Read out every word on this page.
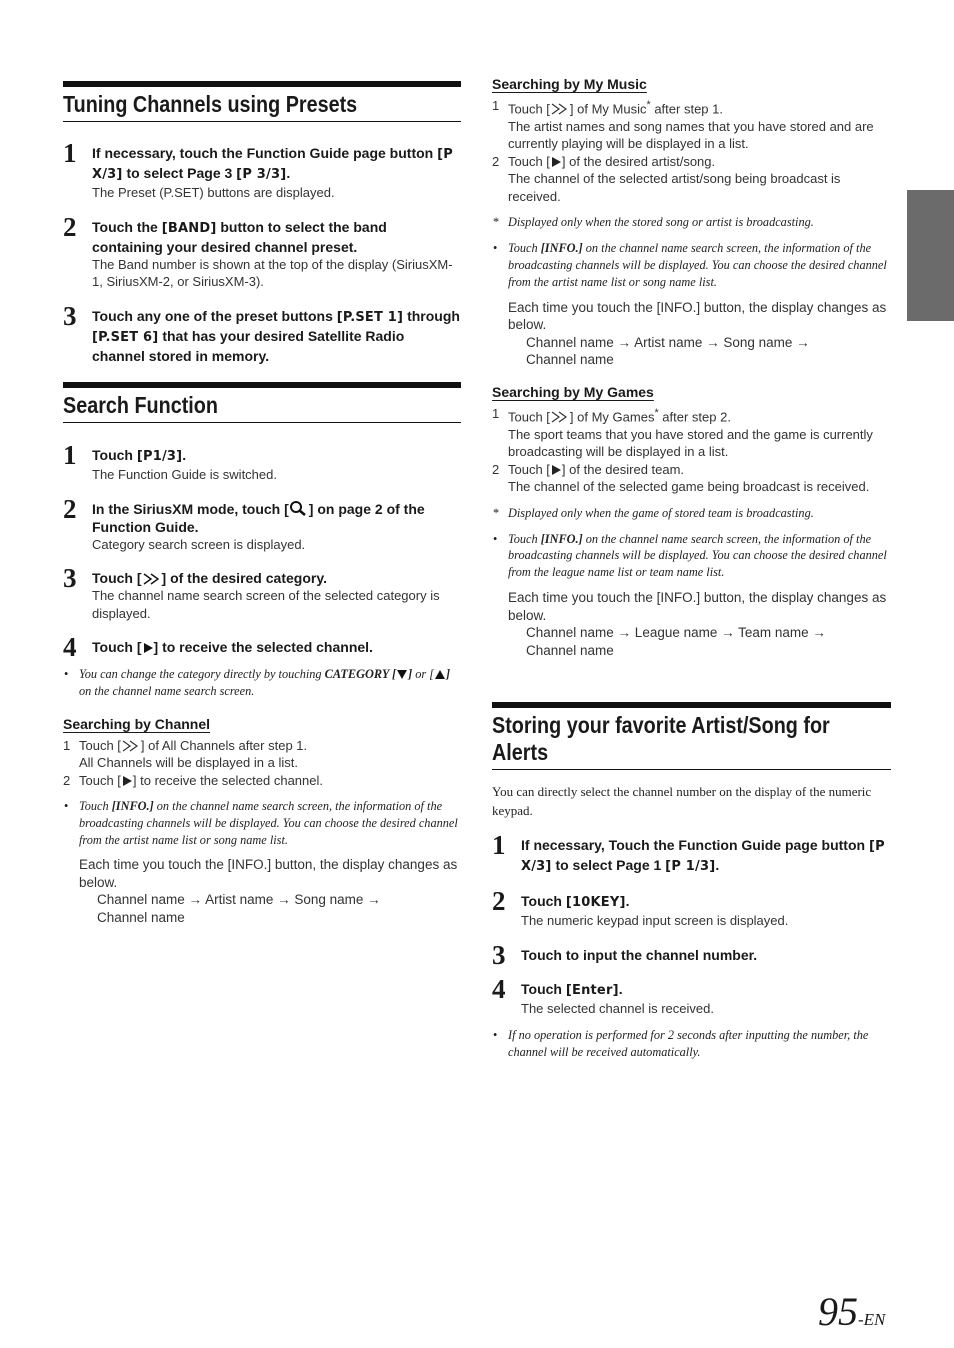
Tuning Channels using Presets
1 If necessary, touch the Function Guide page button [P X/3] to select Page 3 [P 3/3].
The Preset (P.SET) buttons are displayed.
2 Touch the [BAND] button to select the band containing your desired channel preset.
The Band number is shown at the top of the display (SiriusXM-1, SiriusXM-2, or SiriusXM-3).
3 Touch any one of the preset buttons [P.SET 1] through [P.SET 6] that has your desired Satellite Radio channel stored in memory.
Search Function
1 Touch [P1/3].
The Function Guide is switched.
2 In the SiriusXM mode, touch [ ] on page 2 of the Function Guide.
Category search screen is displayed.
3 Touch [ ] of the desired category.
The channel name search screen of the selected category is displayed.
4 Touch [ ] to receive the selected channel.
• You can change the category directly by touching CATEGORY [ ] or [ ] on the channel name search screen.
Searching by Channel
1 Touch [ ] of All Channels after step 1.
All Channels will be displayed in a list.
2 Touch [ ] to receive the selected channel.
• Touch [INFO.] on the channel name search screen, the information of the broadcasting channels will be displayed. You can choose the desired channel from the artist name list or song name list.
Each time you touch the [INFO.] button, the display changes as below.
Channel name → Artist name → Song name →
Channel name
Searching by My Music
1 Touch [ ] of My Music* after step 1.
The artist names and song names that you have stored and are currently playing will be displayed in a list.
2 Touch [ ] of the desired artist/song.
The channel of the selected artist/song being broadcast is received.
* Displayed only when the stored song or artist is broadcasting.
• Touch [INFO.] on the channel name search screen, the information of the broadcasting channels will be displayed. You can choose the desired channel from the artist name list or song name list.
Each time you touch the [INFO.] button, the display changes as below.
Channel name → Artist name → Song name →
Channel name
Searching by My Games
1 Touch [ ] of My Games* after step 2.
The sport teams that you have stored and the game is currently broadcasting will be displayed in a list.
2 Touch [ ] of the desired team.
The channel of the selected game being broadcast is received.
* Displayed only when the game of stored team is broadcasting.
• Touch [INFO.] on the channel name search screen, the information of the broadcasting channels will be displayed. You can choose the desired channel from the league name list or team name list.
Each time you touch the [INFO.] button, the display changes as below.
Channel name → League name → Team name →
Channel name
Storing your favorite Artist/Song for Alerts
You can directly select the channel number on the display of the numeric keypad.
1 If necessary, Touch the Function Guide page button [P X/3] to select Page 1 [P 1/3].
2 Touch [10KEY].
The numeric keypad input screen is displayed.
3 Touch to input the channel number.
4 Touch [Enter].
The selected channel is received.
• If no operation is performed for 2 seconds after inputting the number, the channel will be received automatically.
95-EN
